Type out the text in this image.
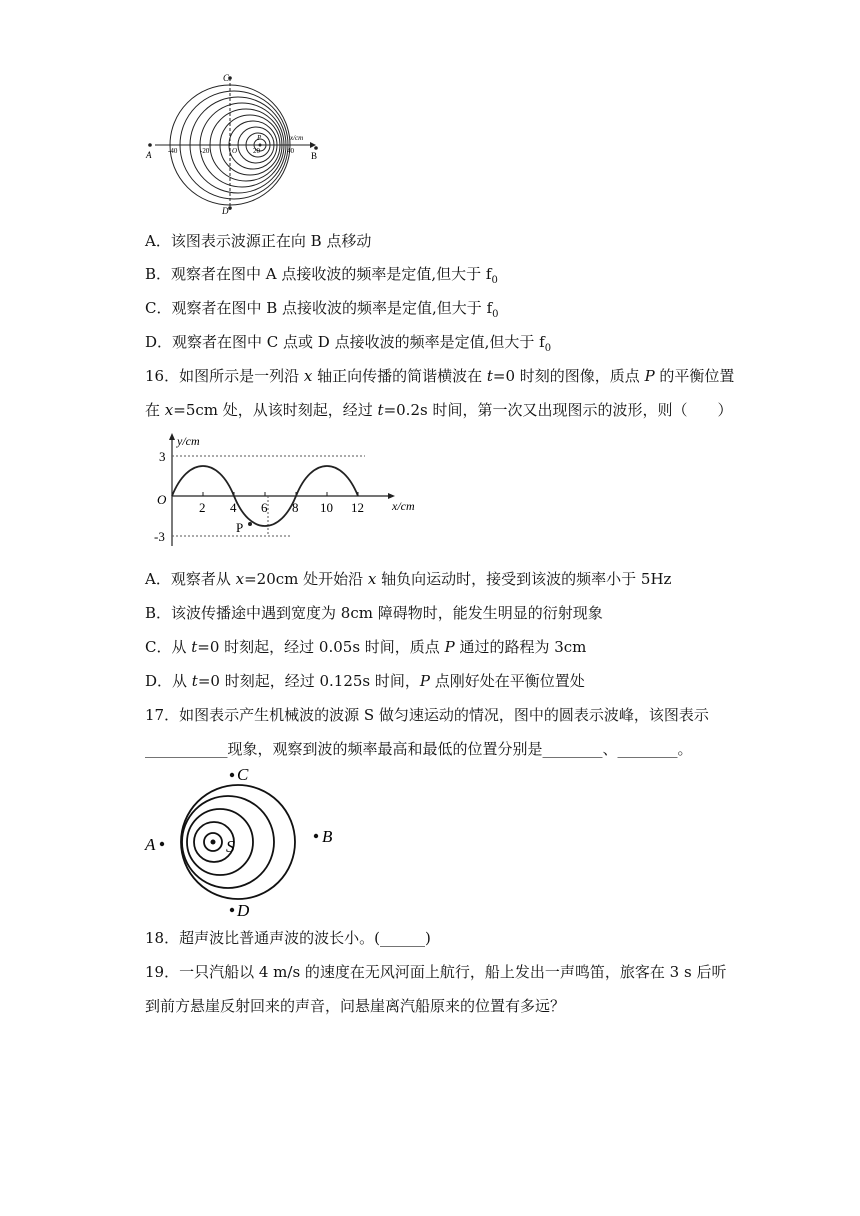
C
D
A	B
x/cm
-40	-20	O 20	40
P
A．该图表示波源正在向 B 点移动
B．观察者在图中 A 点接收波的频率是定值,但大于 $f_0$
C．观察者在图中 B 点接收波的频率是定值,但大于 $f_0$
D．观察者在图中 C 点或 D 点接收波的频率是定值,但大于 $f_0$
16．如图所示是一列沿 x 轴正向传播的简谐横波在 t=0 时刻的图像，质点 P 的平衡位置
在 x=5cm 处，从该时刻起，经过 t=0.2s 时间，第一次又出现图示的波形，则（　　）
y/cm
x/cm
O
3
-3
2 4 6 8 10 12
P
A．观察者从 x=20cm 处开始沿 x 轴负向运动时，接受到该波的频率小于 5Hz
B．该波传播途中遇到宽度为 8cm 障碍物时，能发生明显的衍射现象
C．从 t=0 时刻起，经过 0.05s 时间，质点 P 通过的路程为 3cm
D．从 t=0 时刻起，经过 0.125s 时间，P 点刚好处在平衡位置处
17．如图表示产生机械波的波源 S 做匀速运动的情况，图中的圆表示波峰，该图表示
___________现象，观察到波的频率最高和最低的位置分别是________、________。
C
D
A	B
S
18．超声波比普通声波的波长小。(______)
19．一只汽船以 4 m/s 的速度在无风河面上航行，船上发出一声鸣笛，旅客在 3 s 后听
到前方悬崖反射回来的声音，问悬崖离汽船原来的位置有多远？
